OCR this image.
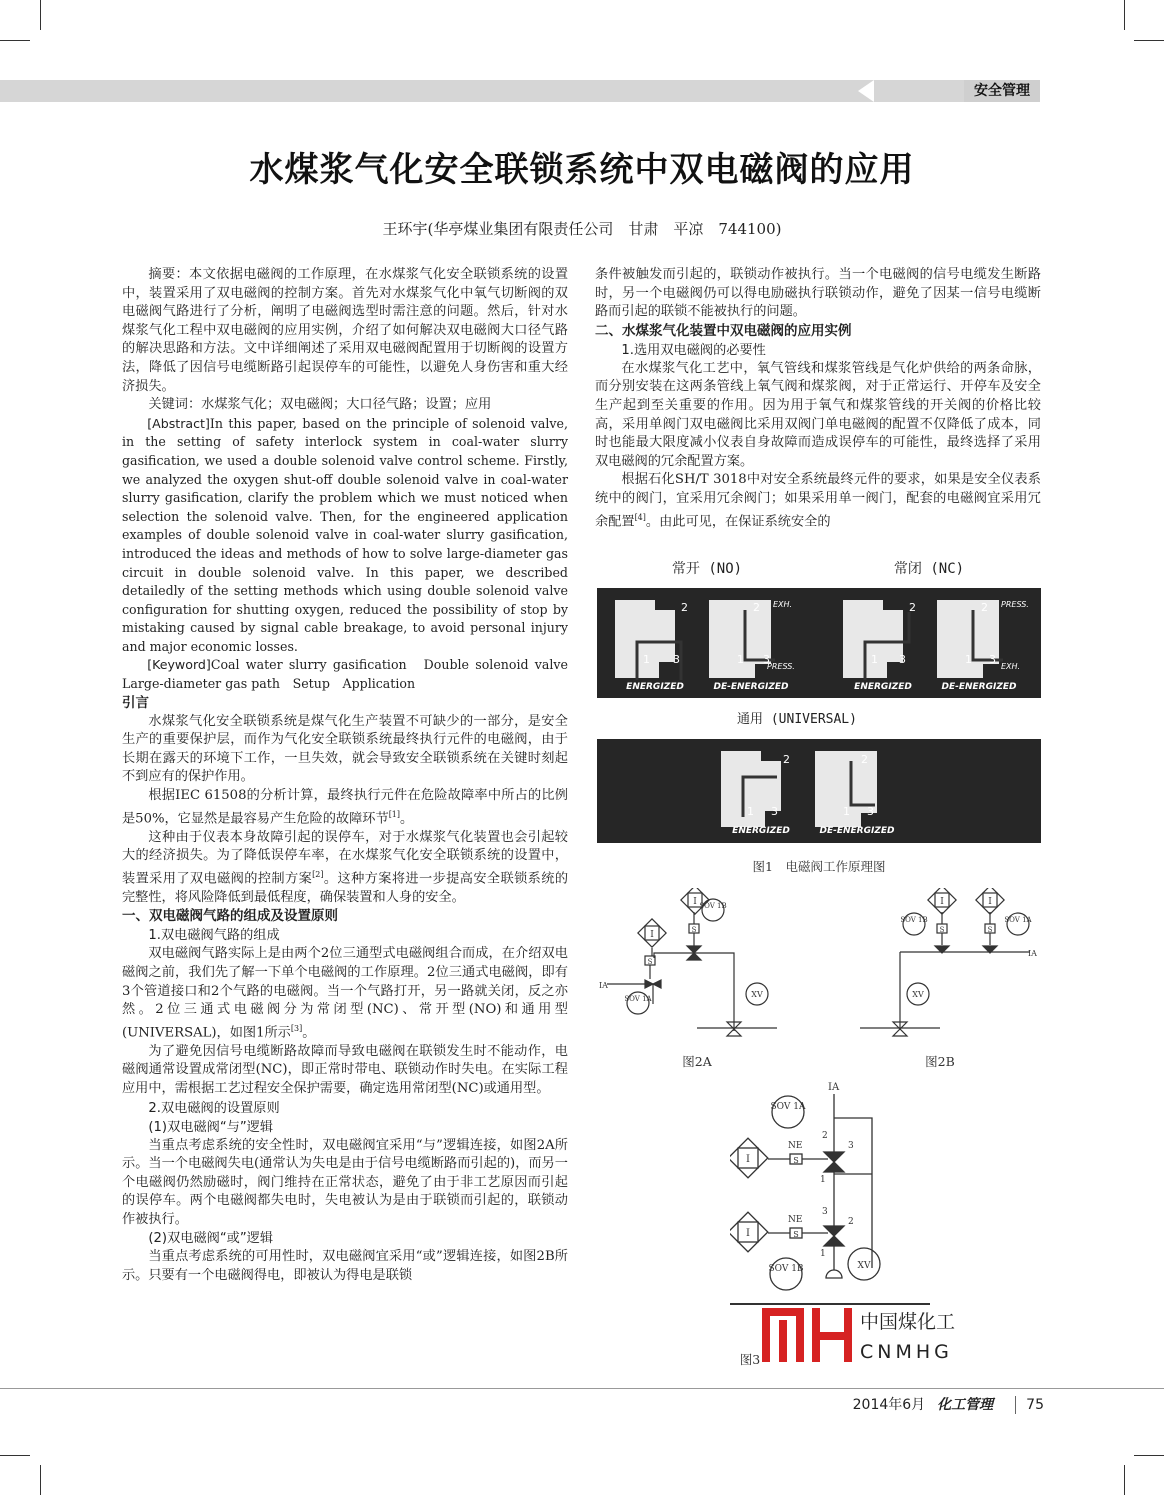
安全管理
水煤浆气化安全联锁系统中双电磁阀的应用
王环宇(华亭煤业集团有限责任公司　甘肃　平凉　744100)

摘要：本文依据电磁阀的工作原理，在水煤浆气化安全联锁系统的设置中，装置采用了双电磁阀的控制方案。首先对水煤浆气化中氧气切断阀的双电磁阀气路进行了分析，阐明了电磁阀选型时需注意的问题。然后，针对水煤浆气化工程中双电磁阀的应用实例，介绍了如何解决双电磁阀大口径气路的解决思路和方法。文中详细阐述了采用双电磁阀配置用于切断阀的设置方法，降低了因信号电缆断路引起误停车的可能性，以避免人身伤害和重大经济损失。

关键词：水煤浆气化；双电磁阀；大口径气路；设置；应用

[Abstract]In this paper, based on the principle of solenoid valve, in the setting of safety interlock system in coal-water slurry gasification, we used a double solenoid valve control scheme. Firstly, we analyzed the oxygen shut-off double solenoid valve in coal-water slurry gasification, clarify the problem which we must noticed when selection the solenoid valve. Then, for the engineered application examples of double solenoid valve in coal-water slurry gasification, introduced the ideas and methods of how to solve large-diameter gas circuit in double solenoid valve. In this paper, we described detailedly of the setting methods which using double solenoid valve configuration for shutting oxygen, reduced the possibility of stop by mistaking caused by signal cable breakage, to avoid personal injury and major economic losses.

[Keyword]Coal water slurry gasification　Double solenoid valve　Large-diameter gas path　Setup　Application

引言

水煤浆气化安全联锁系统是煤气化生产装置不可缺少的一部分，是安全生产的重要保护层，而作为气化安全联锁系统最终执行元件的电磁阀，由于长期在露天的环境下工作，一旦失效，就会导致安全联锁系统在关键时刻起不到应有的保护作用。

根据IEC 61508的分析计算，最终执行元件在危险故障率中所占的比例是50%，它显然是最容易产生危险的故障环节[1]。

这种由于仪表本身故障引起的误停车，对于水煤浆气化装置也会引起较大的经济损失。为了降低误停车率，在水煤浆气化安全联锁系统的设置中，装置采用了双电磁阀的控制方案[2]。这种方案将进一步提高安全联锁系统的完整性，将风险降低到最低程度，确保装置和人身的安全。

一、双电磁阀气路的组成及设置原则
1.双电磁阀气路的组成

双电磁阀气路实际上是由两个2位三通型式电磁阀组合而成，在介绍双电磁阀之前，我们先了解一下单个电磁阀的工作原理。2位三通式电磁阀，即有3个管道接口和2个气路的电磁阀。当一个气路打开，另一路就关闭，反之亦然。2位三通式电磁阀分为常闭型(NC)、常开型(NO)和通用型(UNIVERSAL)，如图1所示[3]。

为了避免因信号电缆断路故障而导致电磁阀在联锁发生时不能动作，电磁阀通常设置成常闭型(NC)，即正常时带电、联锁动作时失电。在实际工程应用中，需根据工艺过程安全保护需要，确定选用常闭型(NC)或通用型。

2.双电磁阀的设置原则
(1)双电磁阀“与”逻辑

当重点考虑系统的安全性时，双电磁阀宜采用“与”逻辑连接，如图2A所示。当一个电磁阀失电(通常认为失电是由于信号电缆断路而引起的)，而另一个电磁阀仍然励磁时，阀门维持在正常状态，避免了由于非工艺原因而引起的误停车。两个电磁阀都失电时，失电被认为是由于联锁而引起的，联锁动作被执行。

(2)双电磁阀“或”逻辑

当重点考虑系统的可用性时，双电磁阀宜采用“或”逻辑连接，如图2B所示。只要有一个电磁阀得电，即被认为得电是联锁

条件被触发而引起的，联锁动作被执行。当一个电磁阀的信号电缆发生断路时，另一个电磁阀仍可以得电励磁执行联锁动作，避免了因某一信号电缆断路而引起的联锁不能被执行的问题。

二、水煤浆气化装置中双电磁阀的应用实例
1.选用双电磁阀的必要性

在水煤浆气化工艺中，氧气管线和煤浆管线是气化炉供给的两条命脉，而分别安装在这两条管线上氧气阀和煤浆阀，对于正常运行、开停车及安全生产起到至关重要的作用。因为用于氧气和煤浆管线的开关阀的价格比较高，采用单阀门双电磁阀比采用双阀门单电磁阀的配置不仅降低了成本，同时也能最大限度减小仪表自身故障而造成误停车的可能性，最终选择了采用双电磁阀的冗余配置方案。

根据石化SH/T 3018中对安全系统最终元件的要求，如果是安全仪表系统中的阀门，宜采用冗余阀门；如果采用单一阀门，配套的电磁阀宜采用冗余配置[4]。由此可见，在保证系统安全的

常开 (NO)	常闭 (NC)
1
2
3	1
2
3	1
2
3	1
2
3
EXH.
PRESS.
PRESS.
EXH.
ENERGIZED	DE-ENERGIZED	ENERGIZED	DE-ENERGIZED
通用 (UNIVERSAL)
1
2
3	1
2
3
ENERGIZED	DE-ENERGIZED
图1　电磁阀工作原理图
I
I SOV 1B
S
S
SOV 1A	XV
IA
图2A
I	I
SOV 1B	SOV 1A
S	S
XV
IA
图2B
IA
SOV 1A
I
NE
S
2
3
1
I
NE
S
3
2
1
SOV 1B	XV
图3
中国煤化工
CNMHG
2014年6月 化工管理 75
